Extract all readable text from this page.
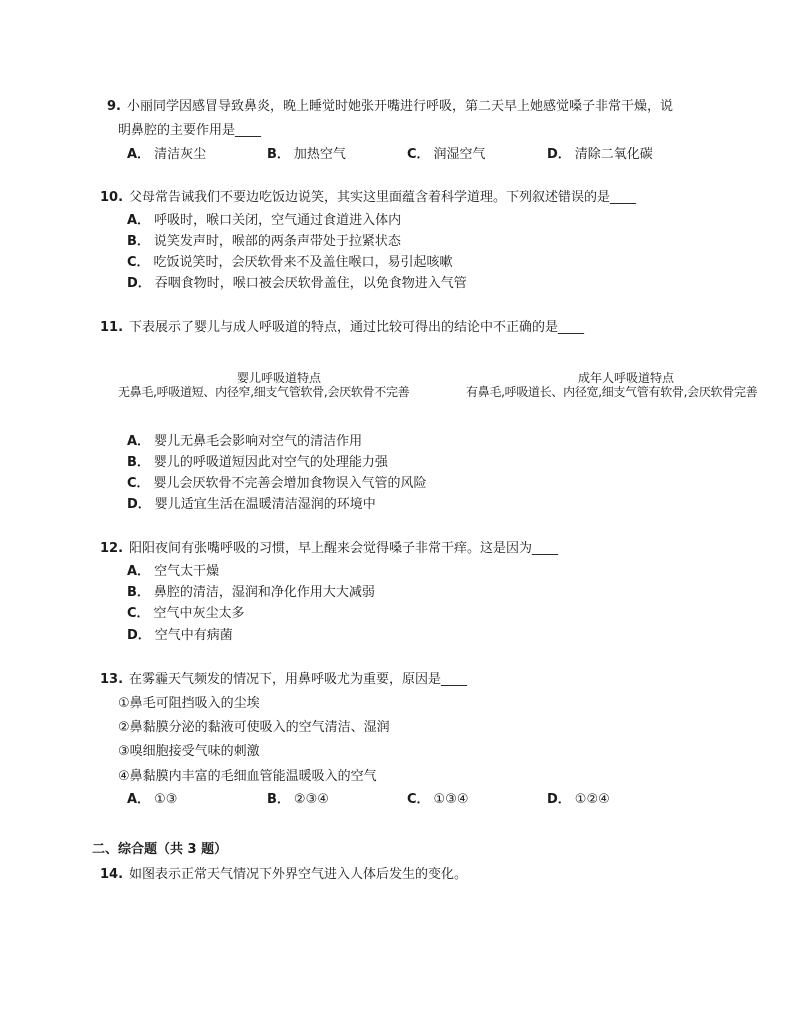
9. 小丽同学因感冒导致鼻炎，晚上睡觉时她张开嘴进行呼吸，第二天早上她感觉嗓子非常干燥，说
明鼻腔的主要作用是____
A． 清洁灰尘	B． 加热空气	C． 润湿空气	D． 清除二氧化碳
10. 父母常告诫我们不要边吃饭边说笑，其实这里面蕴含着科学道理。下列叙述错误的是____
A． 呼吸时，喉口关闭，空气通过食道进入体内
B． 说笑发声时，喉部的两条声带处于拉紧状态
C． 吃饭说笑时，会厌软骨来不及盖住喉口，易引起咳嗽
D． 吞咽食物时，喉口被会厌软骨盖住，以免食物进入气管
11. 下表展示了婴儿与成人呼吸道的特点，通过比较可得出的结论中不正确的是____
婴儿呼吸道特点	成年人呼吸道特点
无鼻毛,呼吸道短、内径窄,细支气管软骨,会厌软骨不完善	有鼻毛,呼吸道长、内径宽,细支气管有软骨,会厌软骨完善
A． 婴儿无鼻毛会影响对空气的清洁作用
B． 婴儿的呼吸道短因此对空气的处理能力强
C． 婴儿会厌软骨不完善会增加食物误入气管的风险
D． 婴儿适宜生活在温暖清洁湿润的环境中
12. 阳阳夜间有张嘴呼吸的习惯，早上醒来会觉得嗓子非常干痒。这是因为____
A． 空气太干燥
B． 鼻腔的清洁，湿润和净化作用大大减弱
C． 空气中灰尘太多
D． 空气中有病菌
13. 在雾霾天气频发的情况下，用鼻呼吸尤为重要，原因是____
①鼻毛可阻挡吸入的尘埃
②鼻黏膜分泌的黏液可使吸入的空气清洁、湿润
③嗅细胞接受气味的刺激
④鼻黏膜内丰富的毛细血管能温暖吸入的空气
A． ①③	B． ②③④	C． ①③④	D． ①②④
二、综合题（共 3 题）
14. 如图表示正常天气情况下外界空气进入人体后发生的变化。
